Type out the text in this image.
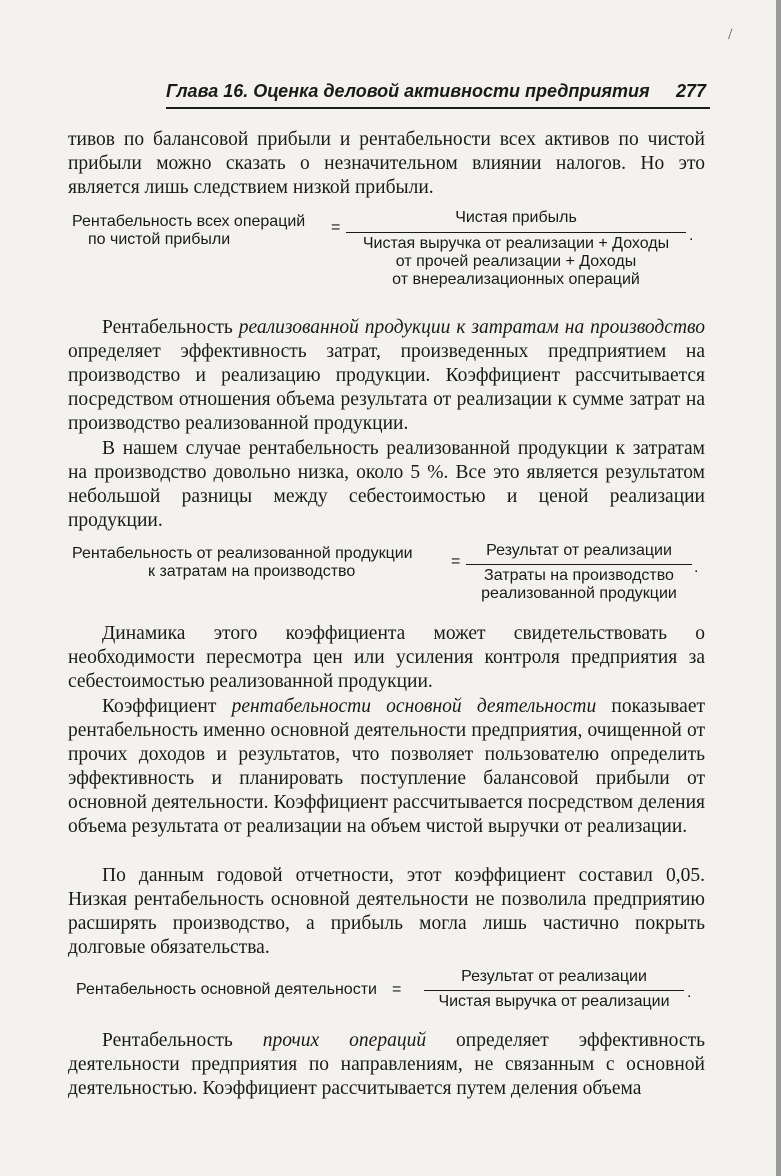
/
Глава 16. Оценка деловой активности предприятия 277

тивов по балансовой прибыли и рентабельности всех активов по чистой прибыли можно сказать о незначительном влиянии налогов. Но это является лишь следствием низкой прибыли.

Рентабельность всех операций
по чистой прибыли
=
Чистая прибыль
Чистая выручка от реализации + Доходы
от прочей реализации + Доходы
от внереализационных операций
.

Рентабельность реализованной продукции к затратам на производство определяет эффективность затрат, произведенных предприятием на производство и реализацию продукции. Коэффициент рассчитывается посредством отношения объема результата от реализации к сумме затрат на производство реализованной продукции.

В нашем случае рентабельность реализованной продукции к затратам на производство довольно низка, около 5 %. Все это является результатом небольшой разницы между себестоимостью и ценой реализации продукции.

Рентабельность от реализованной продукции
к затратам на производство
=
Результат от реализации
Затраты на производство
реализованной продукции
.

Динамика этого коэффициента может свидетельствовать о необходимости пересмотра цен или усиления контроля предприятия за себестоимостью реализованной продукции.

Коэффициент рентабельности основной деятельности показывает рентабельность именно основной деятельности предприятия, очищенной от прочих доходов и результатов, что позволяет пользователю определить эффективность и планировать поступление балансовой прибыли от основной деятельности. Коэффициент рассчитывается посредством деления объема результата от реализации на объем чистой выручки от реализации.

По данным годовой отчетности, этот коэффициент составил 0,05. Низкая рентабельность основной деятельности не позволила предприятию расширять производство, а прибыль могла лишь частично покрыть долговые обязательства.

Рентабельность основной деятельности =
Результат от реализации
Чистая выручка от реализации
.

Рентабельность прочих операций определяет эффективность деятельности предприятия по направлениям, не связанным с основной деятельностью. Коэффициент рассчитывается путем деления объема
